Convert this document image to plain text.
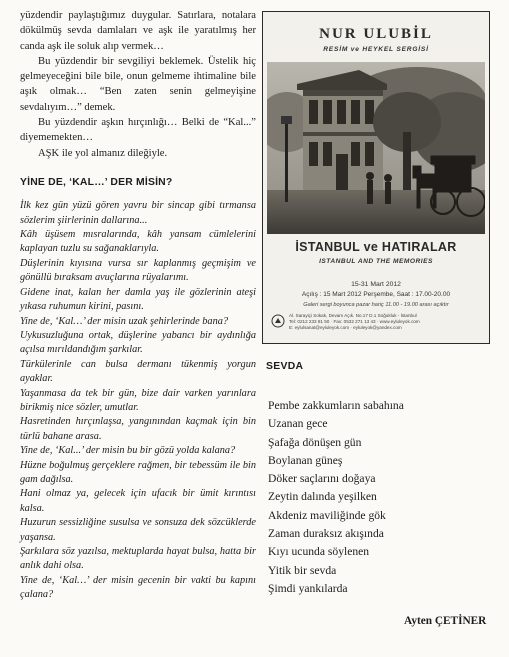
yüzdendir paylaştığımız duygular. Satırlara, notalara dökülmüş sevda damlaları ve aşk ile yaratılmış her canda aşk ile soluk alıp vermek…

Bu yüzdendir bir sevgiliyi beklemek. Üstelik hiç gelmeyeceğini bile bile, onun gelmeme ihtimaline bile aşık olmak… “Ben zaten senin gelmeyişine sevdalıyım…” demek.

Bu yüzdendir aşkın hırçınlığı… Belki de “Kal...” diyememekten…

AŞK ile yol almanız dileğiyle.

YİNE DE, ‘KAL…’ DER MİSİN?

İlk kez gün yüzü gören yavru bir sincap gibi tırmansa sözlerim şiirlerinin dallarına...

Kâh üşüsem mısralarında, kâh yansam cümlelerini kaplayan tuzlu su sağanaklarıyla.

Düşlerinin kıyısına vursa sır kaplanmış geçmişim ve gönüllü bıraksam avuçlarına rüyalarımı.

Gidene inat, kalan her damla yaş ile gözlerinin ateşi yıkasa ruhumun kirini, pasını.

Yine de, ‘Kal…’ der misin uzak şehirlerinde bana?

Uykusuzluğuna ortak, düşlerine yabancı bir aydınlığa açılsa mırıldandığım şarkılar.

Türkülerinle can bulsa dermanı tükenmiş yorgun ayaklar.

Yaşanmasa da tek bir gün, bize dair varken yarınlara birikmiş nice sözler, umutlar.

Hasretinden hırçınlaşsa, yangınından kaçmak için bin türlü bahane arasa.

Yine de, ‘Kal...’ der misin bu bir gözü yolda kalana?

Hüzne boğulmuş gerçeklere rağmen, bir tebessüm ile bin gam dağılsa.

Hani olmaz ya, gelecek için ufacık bir ümit kırıntısı kalsa.

Huzurun sessizliğine susulsa ve sonsuza dek sözcüklerde yaşansa.

Şarkılara söz yazılsa, mektuplarda hayat bulsa, hatta bir anlık dahi olsa.

Yine de, ‘Kal…’ der misin gecenin bir vakti bu kapını çalana?

NUR ULUBİL
RESİM ve HEYKEL SERGİSİ
İSTANBUL ve HATIRALAR
ISTANBUL AND THE MEMORIES
15-31 Mart 2012
Açılış : 15 Mart 2012 Perşembe, Saat : 17.00-20.00
Galeri sergi boyunca pazar hariç 11.00 - 19.00 arası açıktır
Al. Sarayiçi Sokak, Devam Açık. No.17 D.1 Soğukluk - İstanbul
Tel: 0212 233 81 50 · Fax: 0532 271 13 43 · www.eyluleyok.com
E: eylulsanat@eyluleyok.com · eyluleyok@yandex.com
SEVDA
Pembe zakkumların sabahına
Uzanan gece
Şafağa dönüşen gün
Boylanan güneş
Döker saçlarını doğaya
Zeytin dalında yeşilken
Akdeniz maviliğinde gök
Zaman duraksız akışında
Kıyı ucunda söylenen
Yitik bir sevda
Şimdi yankılarda
Ayten ÇETİNER
